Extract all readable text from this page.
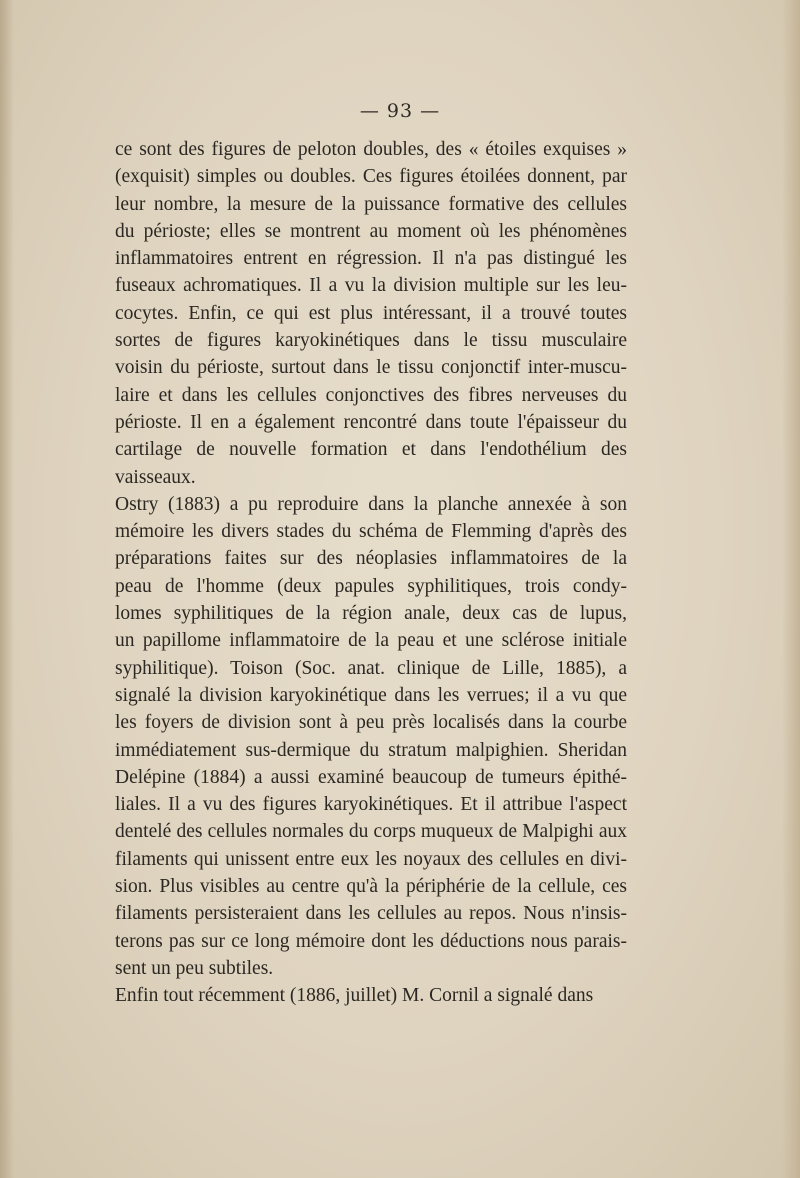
— 93 —
ce sont des figures de peloton doubles, des « étoiles exquises »
(exquisit) simples ou doubles. Ces figures étoilées donnent, par
leur nombre, la mesure de la puissance formative des cellules
du périoste; elles se montrent au moment où les phénomènes
inflammatoires entrent en régression. Il n'a pas distingué les
fuseaux achromatiques. Il a vu la division multiple sur les leu-
cocytes. Enfin, ce qui est plus intéressant, il a trouvé toutes
sortes de figures karyokinétiques dans le tissu musculaire
voisin du périoste, surtout dans le tissu conjonctif inter-muscu-
laire et dans les cellules conjonctives des fibres nerveuses du
périoste. Il en a également rencontré dans toute l'épaisseur du
cartilage de nouvelle formation et dans l'endothélium des
vaisseaux.
Ostry (1883) a pu reproduire dans la planche annexée à son
mémoire les divers stades du schéma de Flemming d'après des
préparations faites sur des néoplasies inflammatoires de la
peau de l'homme (deux papules syphilitiques, trois condy-
lomes syphilitiques de la région anale, deux cas de lupus,
un papillome inflammatoire de la peau et une sclérose initiale
syphilitique). Toison (Soc. anat. clinique de Lille, 1885), a
signalé la division karyokinétique dans les verrues; il a vu que
les foyers de division sont à peu près localisés dans la courbe
immédiatement sus-dermique du stratum malpighien. Sheridan
Delépine (1884) a aussi examiné beaucoup de tumeurs épithé-
liales. Il a vu des figures karyokinétiques. Et il attribue l'aspect
dentelé des cellules normales du corps muqueux de Malpighi aux
filaments qui unissent entre eux les noyaux des cellules en divi-
sion. Plus visibles au centre qu'à la périphérie de la cellule, ces
filaments persisteraient dans les cellules au repos. Nous n'insis-
terons pas sur ce long mémoire dont les déductions nous parais-
sent un peu subtiles.
Enfin tout récemment (1886, juillet) M. Cornil a signalé dans
